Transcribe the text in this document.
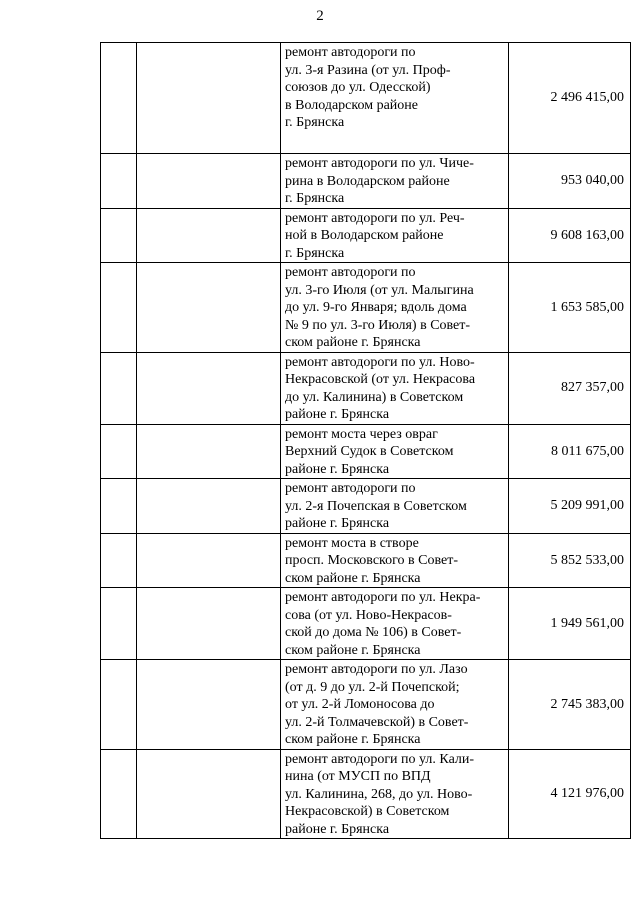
2

		ремонт автодороги по
ул. 3-я Разина (от ул. Проф-
союзов до ул. Одесской)
в Володарском районе
г. Брянска	2 496 415,00

		ремонт автодороги по ул. Чиче-
рина в Володарском районе
г. Брянска	953 040,00

		ремонт автодороги по ул. Реч-
ной в Володарском районе
г. Брянска	9 608 163,00

		ремонт автодороги по
ул. 3-го Июля (от ул. Малыгина
до ул. 9-го Января; вдоль дома
№ 9 по ул. 3-го Июля) в Совет-
ском районе г. Брянска	1 653 585,00

		ремонт автодороги по ул. Ново-
Некрасовской (от ул. Некрасова
до ул. Калинина) в Советском
районе г. Брянска	827 357,00

		ремонт моста через овраг
Верхний Судок в Советском
районе г. Брянска	8 011 675,00

		ремонт автодороги по
ул. 2-я Почепская в Советском
районе г. Брянска	5 209 991,00

		ремонт моста в створе
просп. Московского в Совет-
ском районе г. Брянска	5 852 533,00

		ремонт автодороги по ул. Некра-
сова (от ул. Ново-Некрасов-
ской до дома № 106) в Совет-
ском районе г. Брянска	1 949 561,00

		ремонт автодороги по ул. Лазо
(от д. 9 до ул. 2-й Почепской;
от ул. 2-й Ломоносова до
ул. 2-й Толмачевской) в Совет-
ском районе г. Брянска	2 745 383,00

		ремонт автодороги по ул. Кали-
нина (от МУСП по ВПД
ул. Калинина, 268, до ул. Ново-
Некрасовской) в Советском
районе г. Брянска	4 121 976,00
